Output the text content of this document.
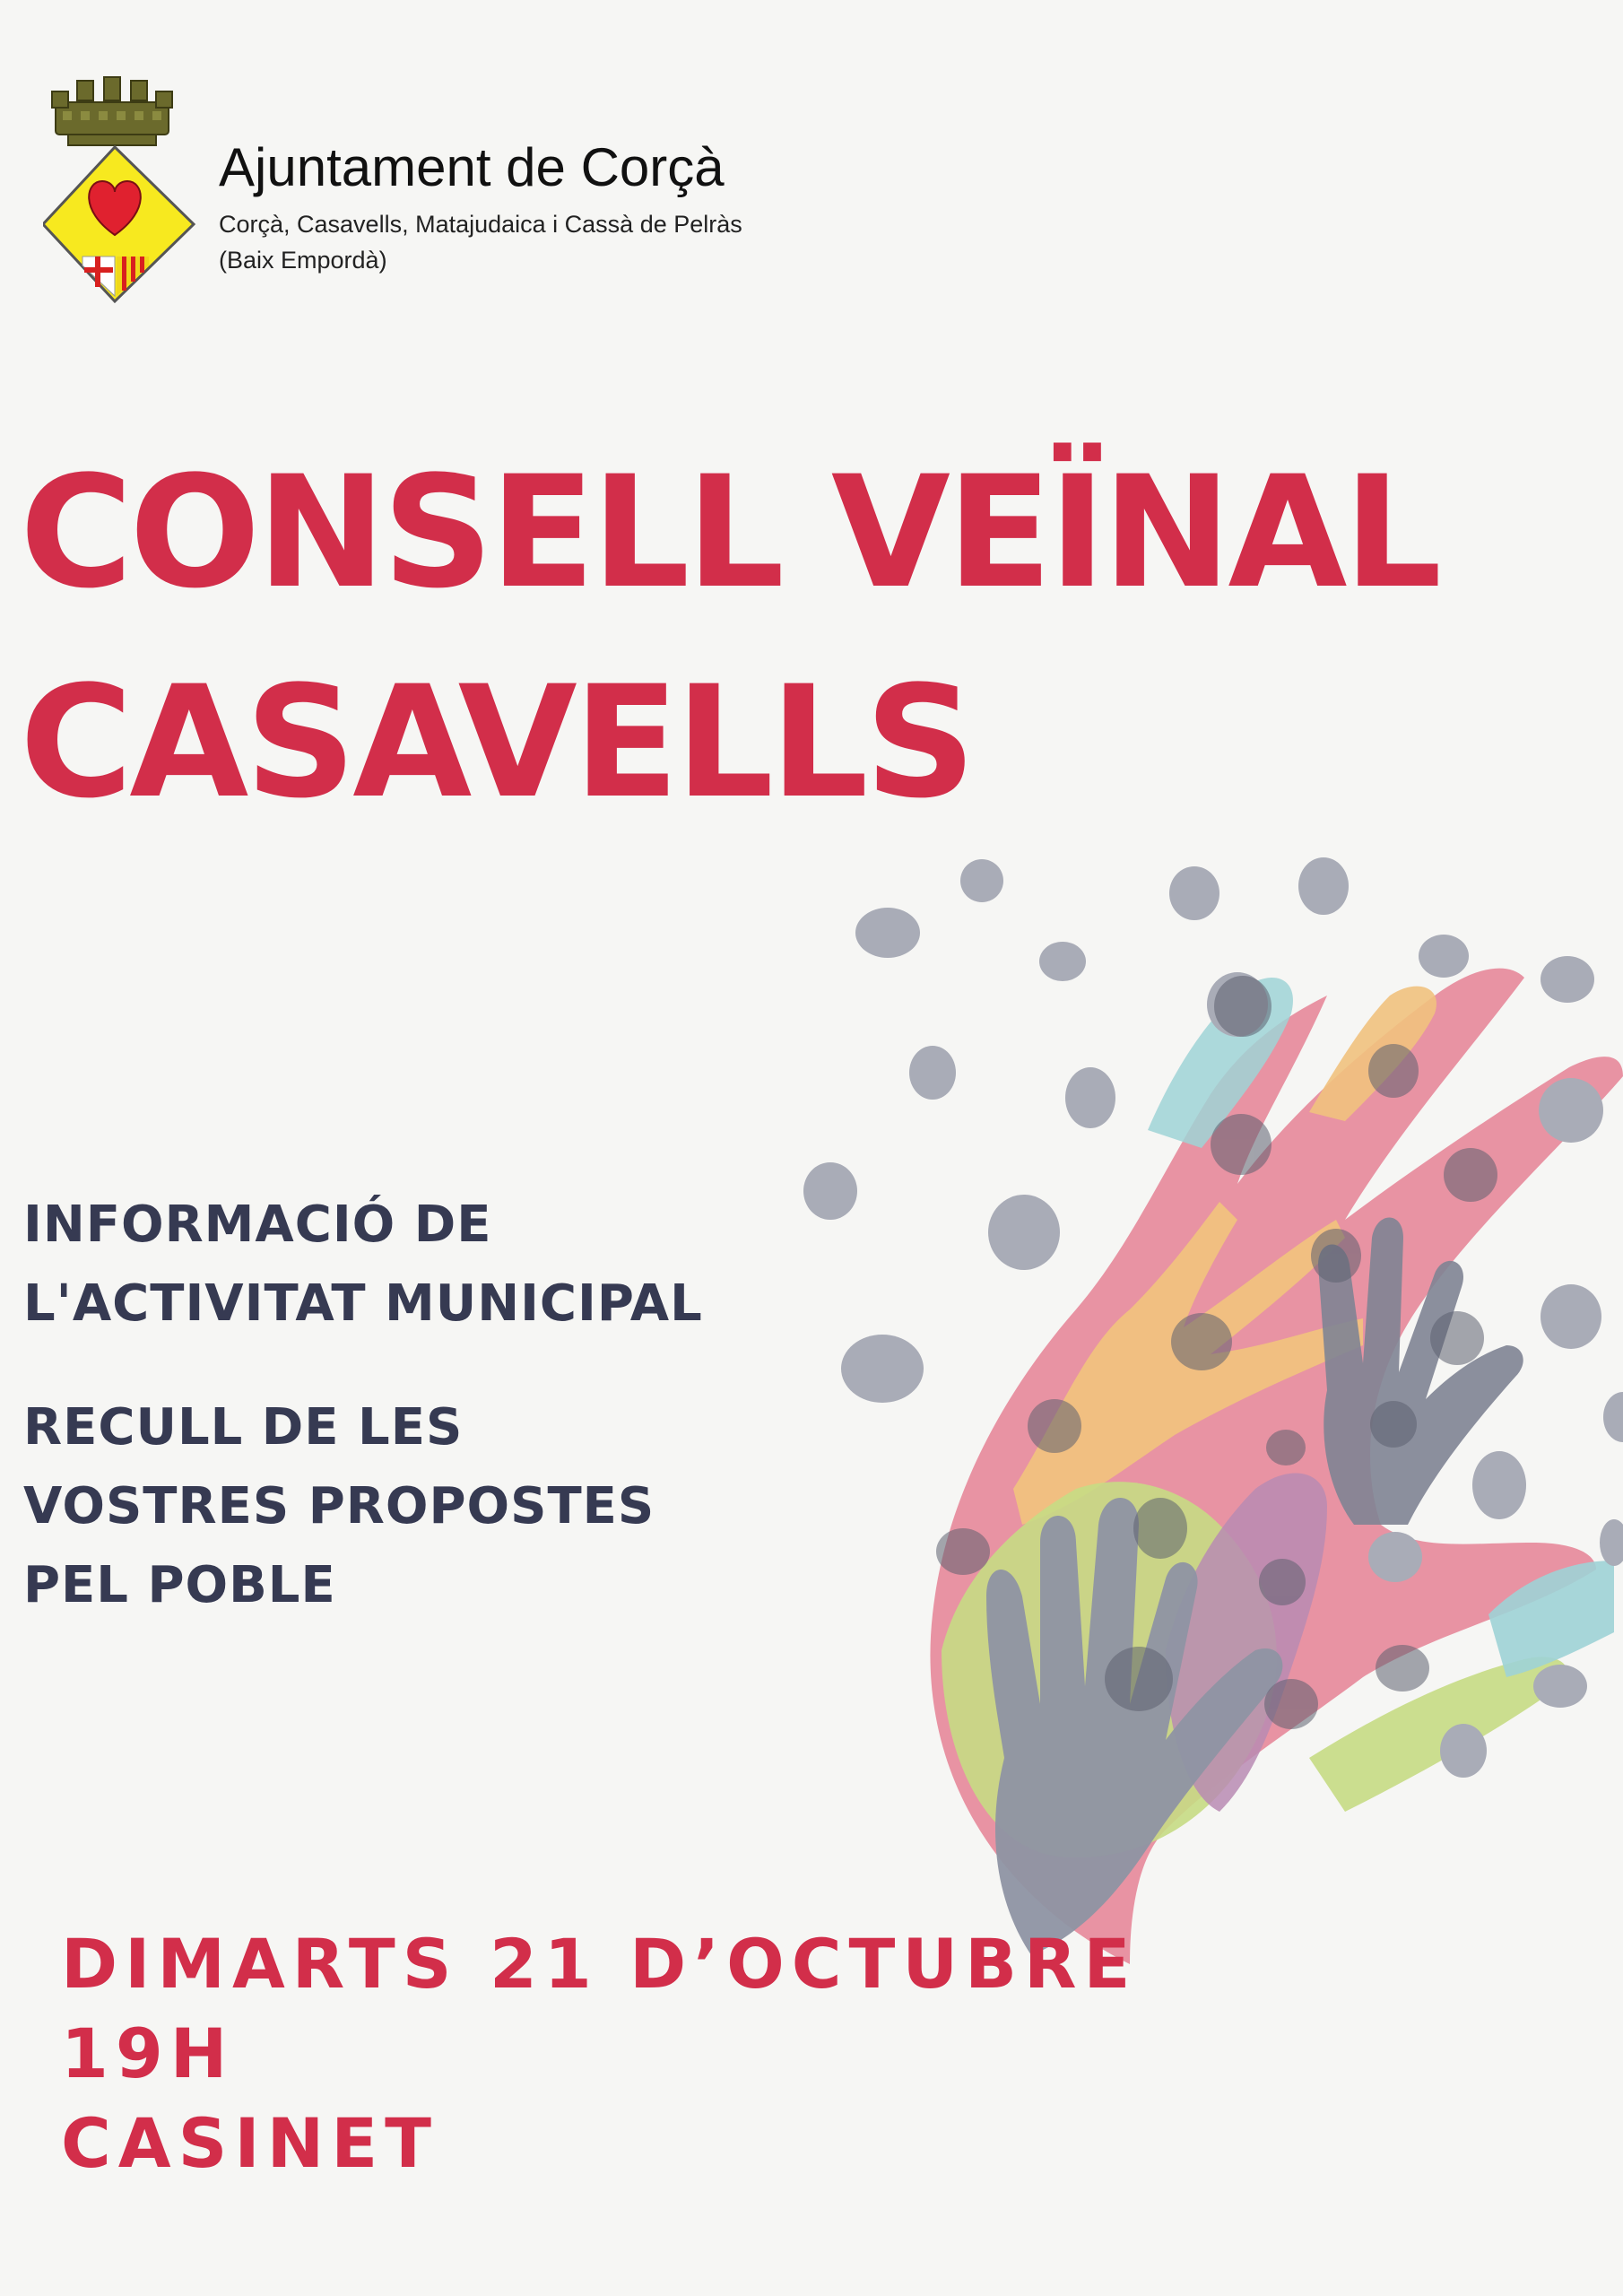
Ajuntament de Corçà
Corçà, Casavells, Matajudaica i Cassà de Pelràs
(Baix Empordà)
CONSELL VEÏNAL
CASAVELLS
INFORMACIÓ DE
L'ACTIVITAT MUNICIPAL
RECULL DE LES
VOSTRES PROPOSTES
PEL POBLE
DIMARTS 21 D’OCTUBRE
19H
CASINET
